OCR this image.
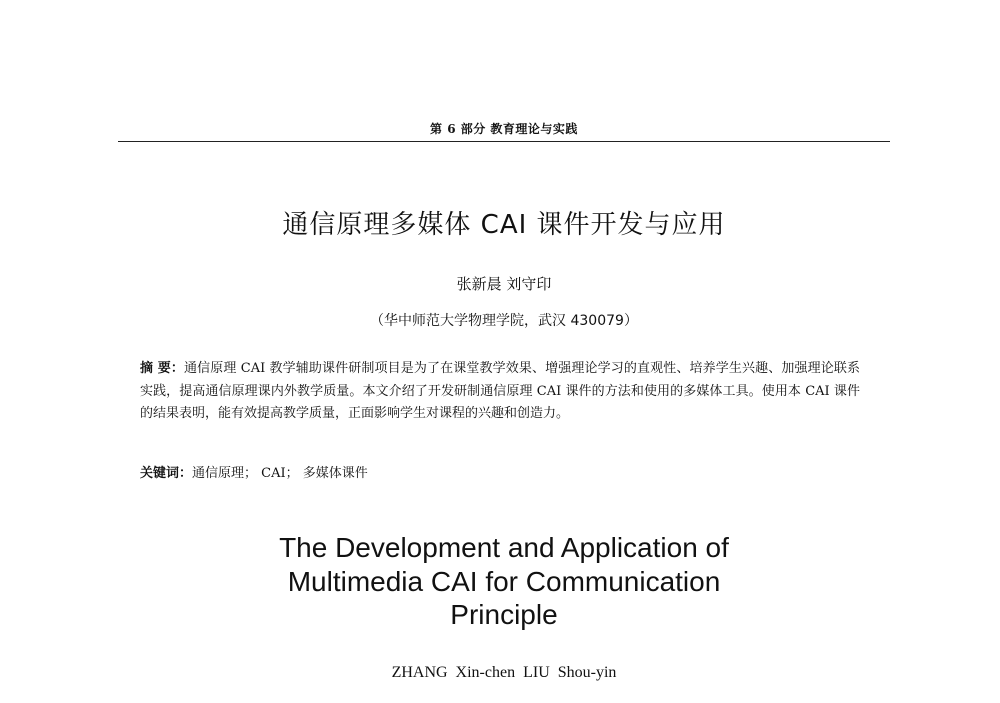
第 6 部分 教育理论与实践
通信原理多媒体 CAI 课件开发与应用
张新晨 刘守印
（华中师范大学物理学院，武汉 430079）
摘 要：通信原理 CAI 教学辅助课件研制项目是为了在课堂教学效果、增强理论学习的直观性、培养学生兴趣、加强理论联系实践，提高通信原理课内外教学质量。本文介绍了开发研制通信原理 CAI 课件的方法和使用的多媒体工具。使用本 CAI 课件的结果表明，能有效提高教学质量，正面影响学生对课程的兴趣和创造力。
关键词：通信原理； CAI； 多媒体课件
The Development and Application of
Multimedia CAI for Communication
Principle
ZHANG Xin-chen LIU Shou-yin
